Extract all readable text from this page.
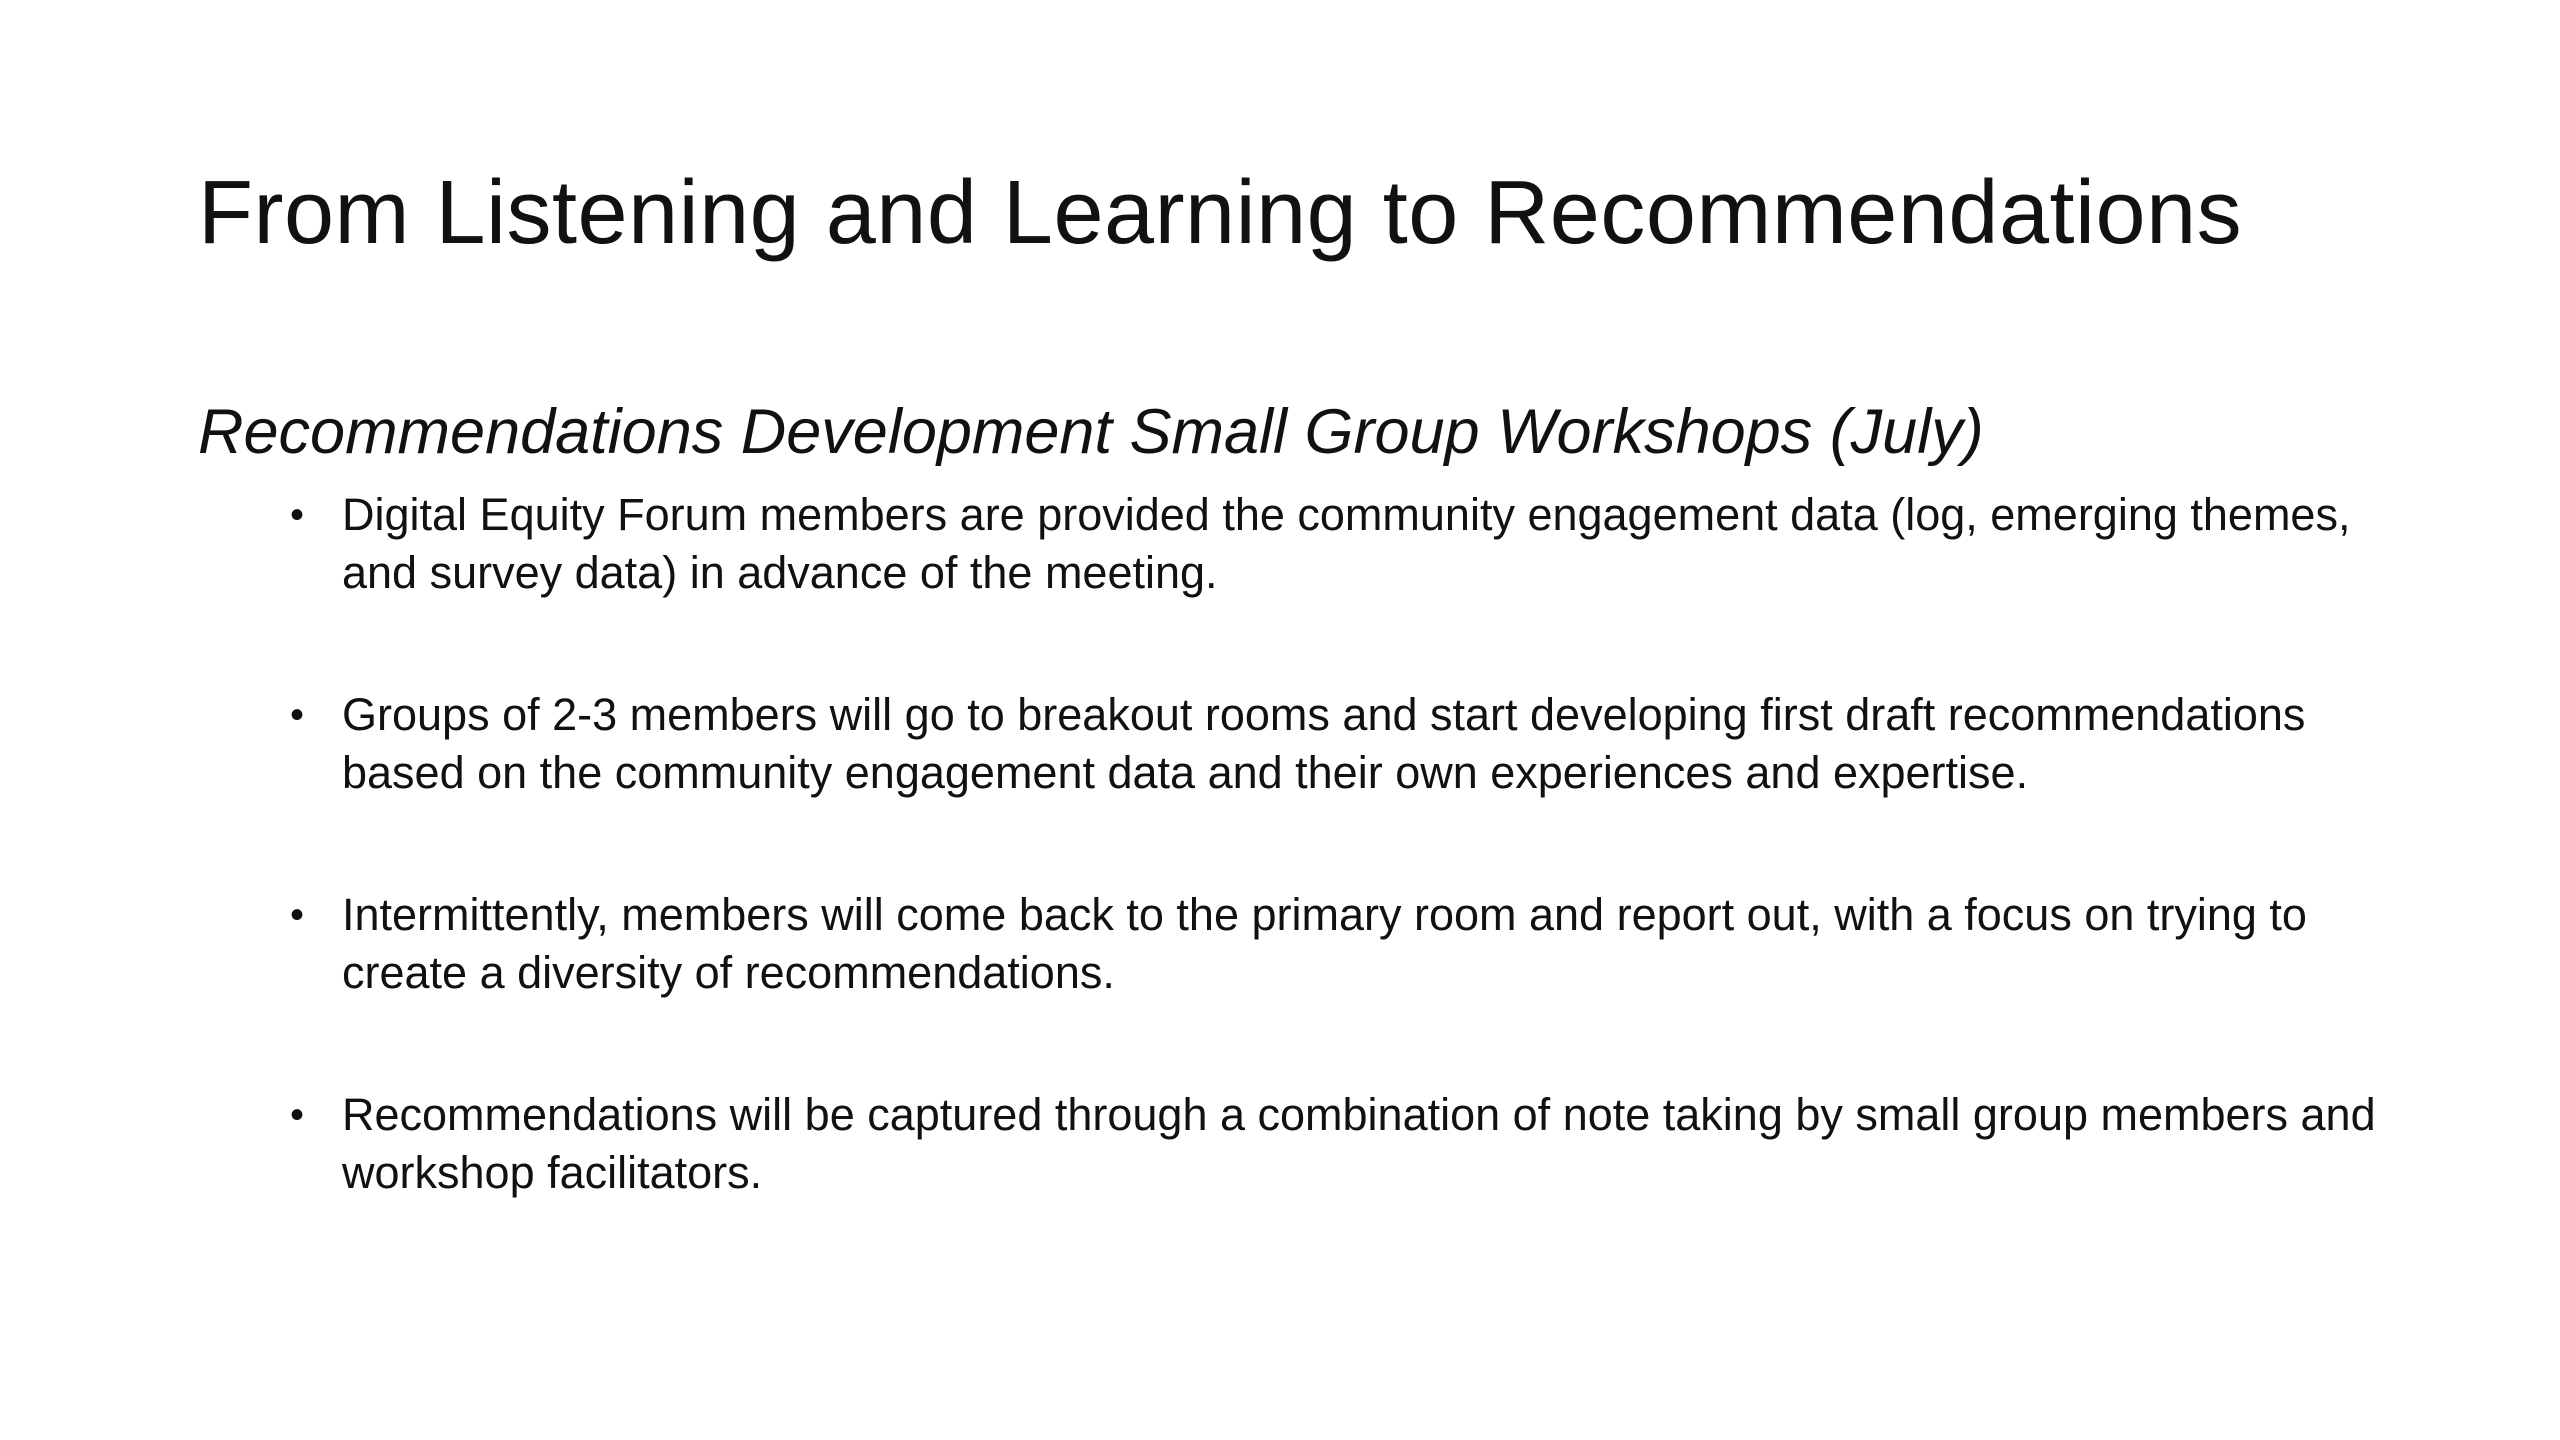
From Listening and Learning to Recommendations
Recommendations Development Small Group Workshops (July)
• Digital Equity Forum members are provided the community engagement data (log, emerging themes, and survey data) in advance of the meeting.
• Groups of 2-3 members will go to breakout rooms and start developing first draft recommendations based on the community engagement data and their own experiences and expertise.
• Intermittently, members will come back to the primary room and report out, with a focus on trying to create a diversity of recommendations.
• Recommendations will be captured through a combination of note taking by small group members and workshop facilitators.
